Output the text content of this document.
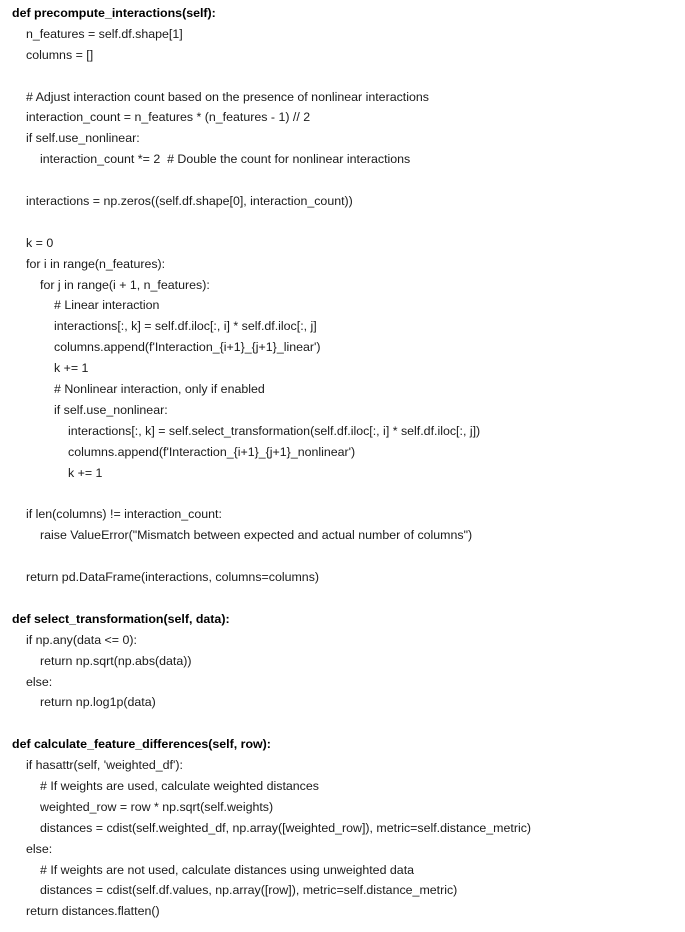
def precompute_interactions(self):
n_features = self.df.shape[1]
columns = []
# Adjust interaction count based on the presence of nonlinear interactions
interaction_count = n_features * (n_features - 1) // 2
if self.use_nonlinear:
interaction_count *= 2  # Double the count for nonlinear interactions
interactions = np.zeros((self.df.shape[0], interaction_count))
k = 0
for i in range(n_features):
for j in range(i + 1, n_features):
# Linear interaction
interactions[:, k] = self.df.iloc[:, i] * self.df.iloc[:, j]
columns.append(f'Interaction_{i+1}_{j+1}_linear')
k += 1
# Nonlinear interaction, only if enabled
if self.use_nonlinear:
interactions[:, k] = self.select_transformation(self.df.iloc[:, i] * self.df.iloc[:, j])
columns.append(f'Interaction_{i+1}_{j+1}_nonlinear')
k += 1
if len(columns) != interaction_count:
raise ValueError("Mismatch between expected and actual number of columns")
return pd.DataFrame(interactions, columns=columns)
def select_transformation(self, data):
if np.any(data <= 0):
return np.sqrt(np.abs(data))
else:
return np.log1p(data)
def calculate_feature_differences(self, row):
if hasattr(self, 'weighted_df'):
# If weights are used, calculate weighted distances
weighted_row = row * np.sqrt(self.weights)
distances = cdist(self.weighted_df, np.array([weighted_row]), metric=self.distance_metric)
else:
# If weights are not used, calculate distances using unweighted data
distances = cdist(self.df.values, np.array([row]), metric=self.distance_metric)
return distances.flatten()
